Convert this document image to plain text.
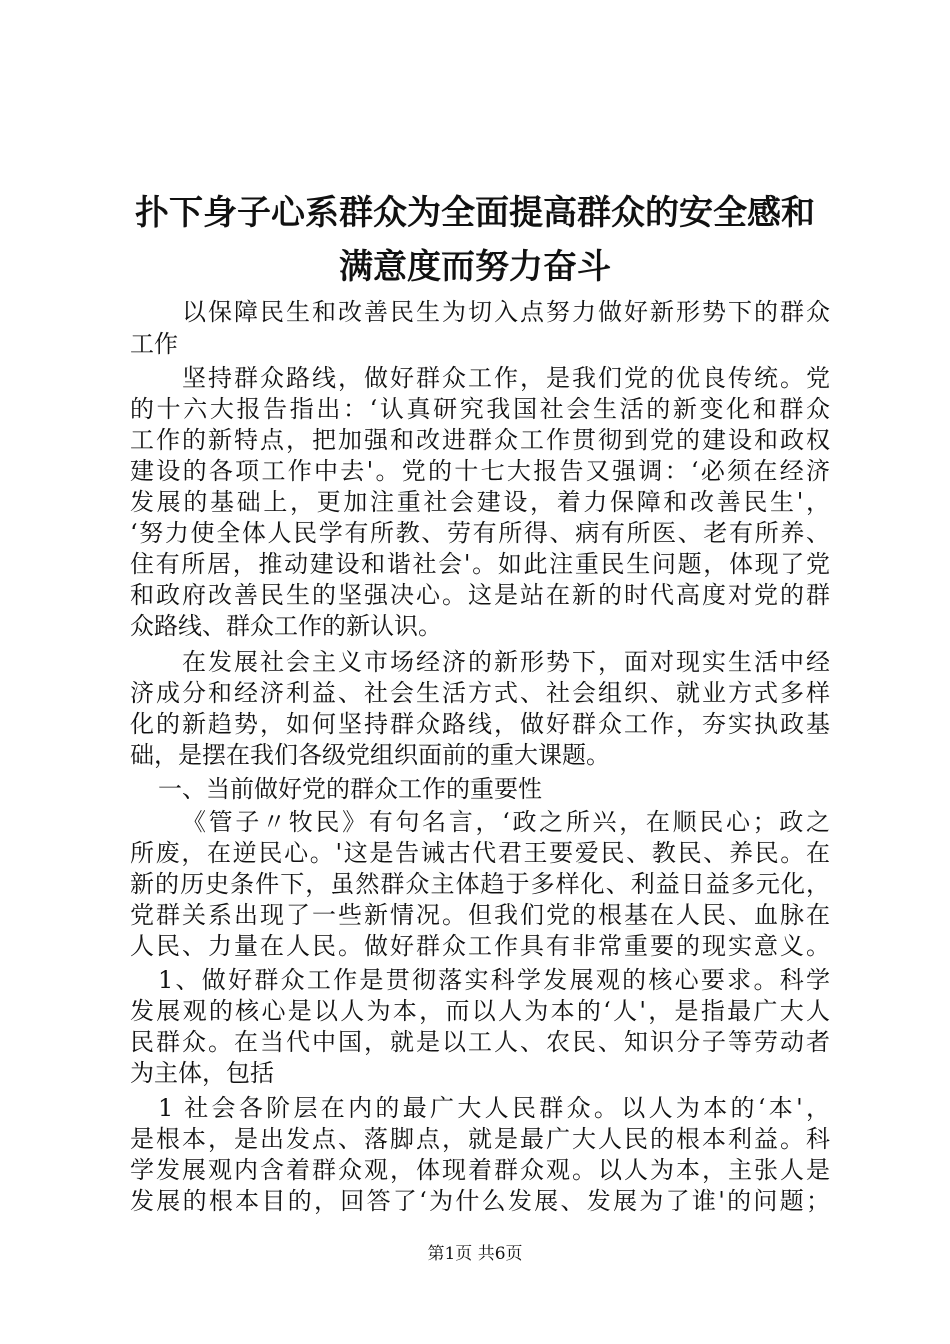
扑下身子心系群众为全面提高群众的安全感和
满意度而努力奋斗
以保障民生和改善民生为切入点努力做好新形势下的群众
工作
坚持群众路线，做好群众工作，是我们党的优良传统。党
的十六大报告指出：‘认真研究我国社会生活的新变化和群众
工作的新特点，把加强和改进群众工作贯彻到党的建设和政权
建设的各项工作中去'。党的十七大报告又强调：‘必须在经济
发展的基础上，更加注重社会建设，着力保障和改善民生'，
‘努力使全体人民学有所教、劳有所得、病有所医、老有所养、
住有所居，推动建设和谐社会'。如此注重民生问题，体现了党
和政府改善民生的坚强决心。这是站在新的时代高度对党的群
众路线、群众工作的新认识。
在发展社会主义市场经济的新形势下，面对现实生活中经
济成分和经济利益、社会生活方式、社会组织、就业方式多样
化的新趋势，如何坚持群众路线，做好群众工作，夯实执政基
础，是摆在我们各级党组织面前的重大课题。
一、当前做好党的群众工作的重要性
《管子〃牧民》有句名言，‘政之所兴，在顺民心；政之
所废，在逆民心。'这是告诫古代君王要爱民、教民、养民。在
新的历史条件下，虽然群众主体趋于多样化、利益日益多元化，
党群关系出现了一些新情况。但我们党的根基在人民、血脉在
人民、力量在人民。做好群众工作具有非常重要的现实意义。
1、做好群众工作是贯彻落实科学发展观的核心要求。科学
发展观的核心是以人为本，而以人为本的‘人'，是指最广大人
民群众。在当代中国，就是以工人、农民、知识分子等劳动者
为主体，包括
1 社会各阶层在内的最广大人民群众。以人为本的‘本'，
是根本，是出发点、落脚点，就是最广大人民的根本利益。科
学发展观内含着群众观，体现着群众观。以人为本，主张人是
发展的根本目的，回答了‘为什么发展、发展为了谁'的问题；
第1页 共6页
